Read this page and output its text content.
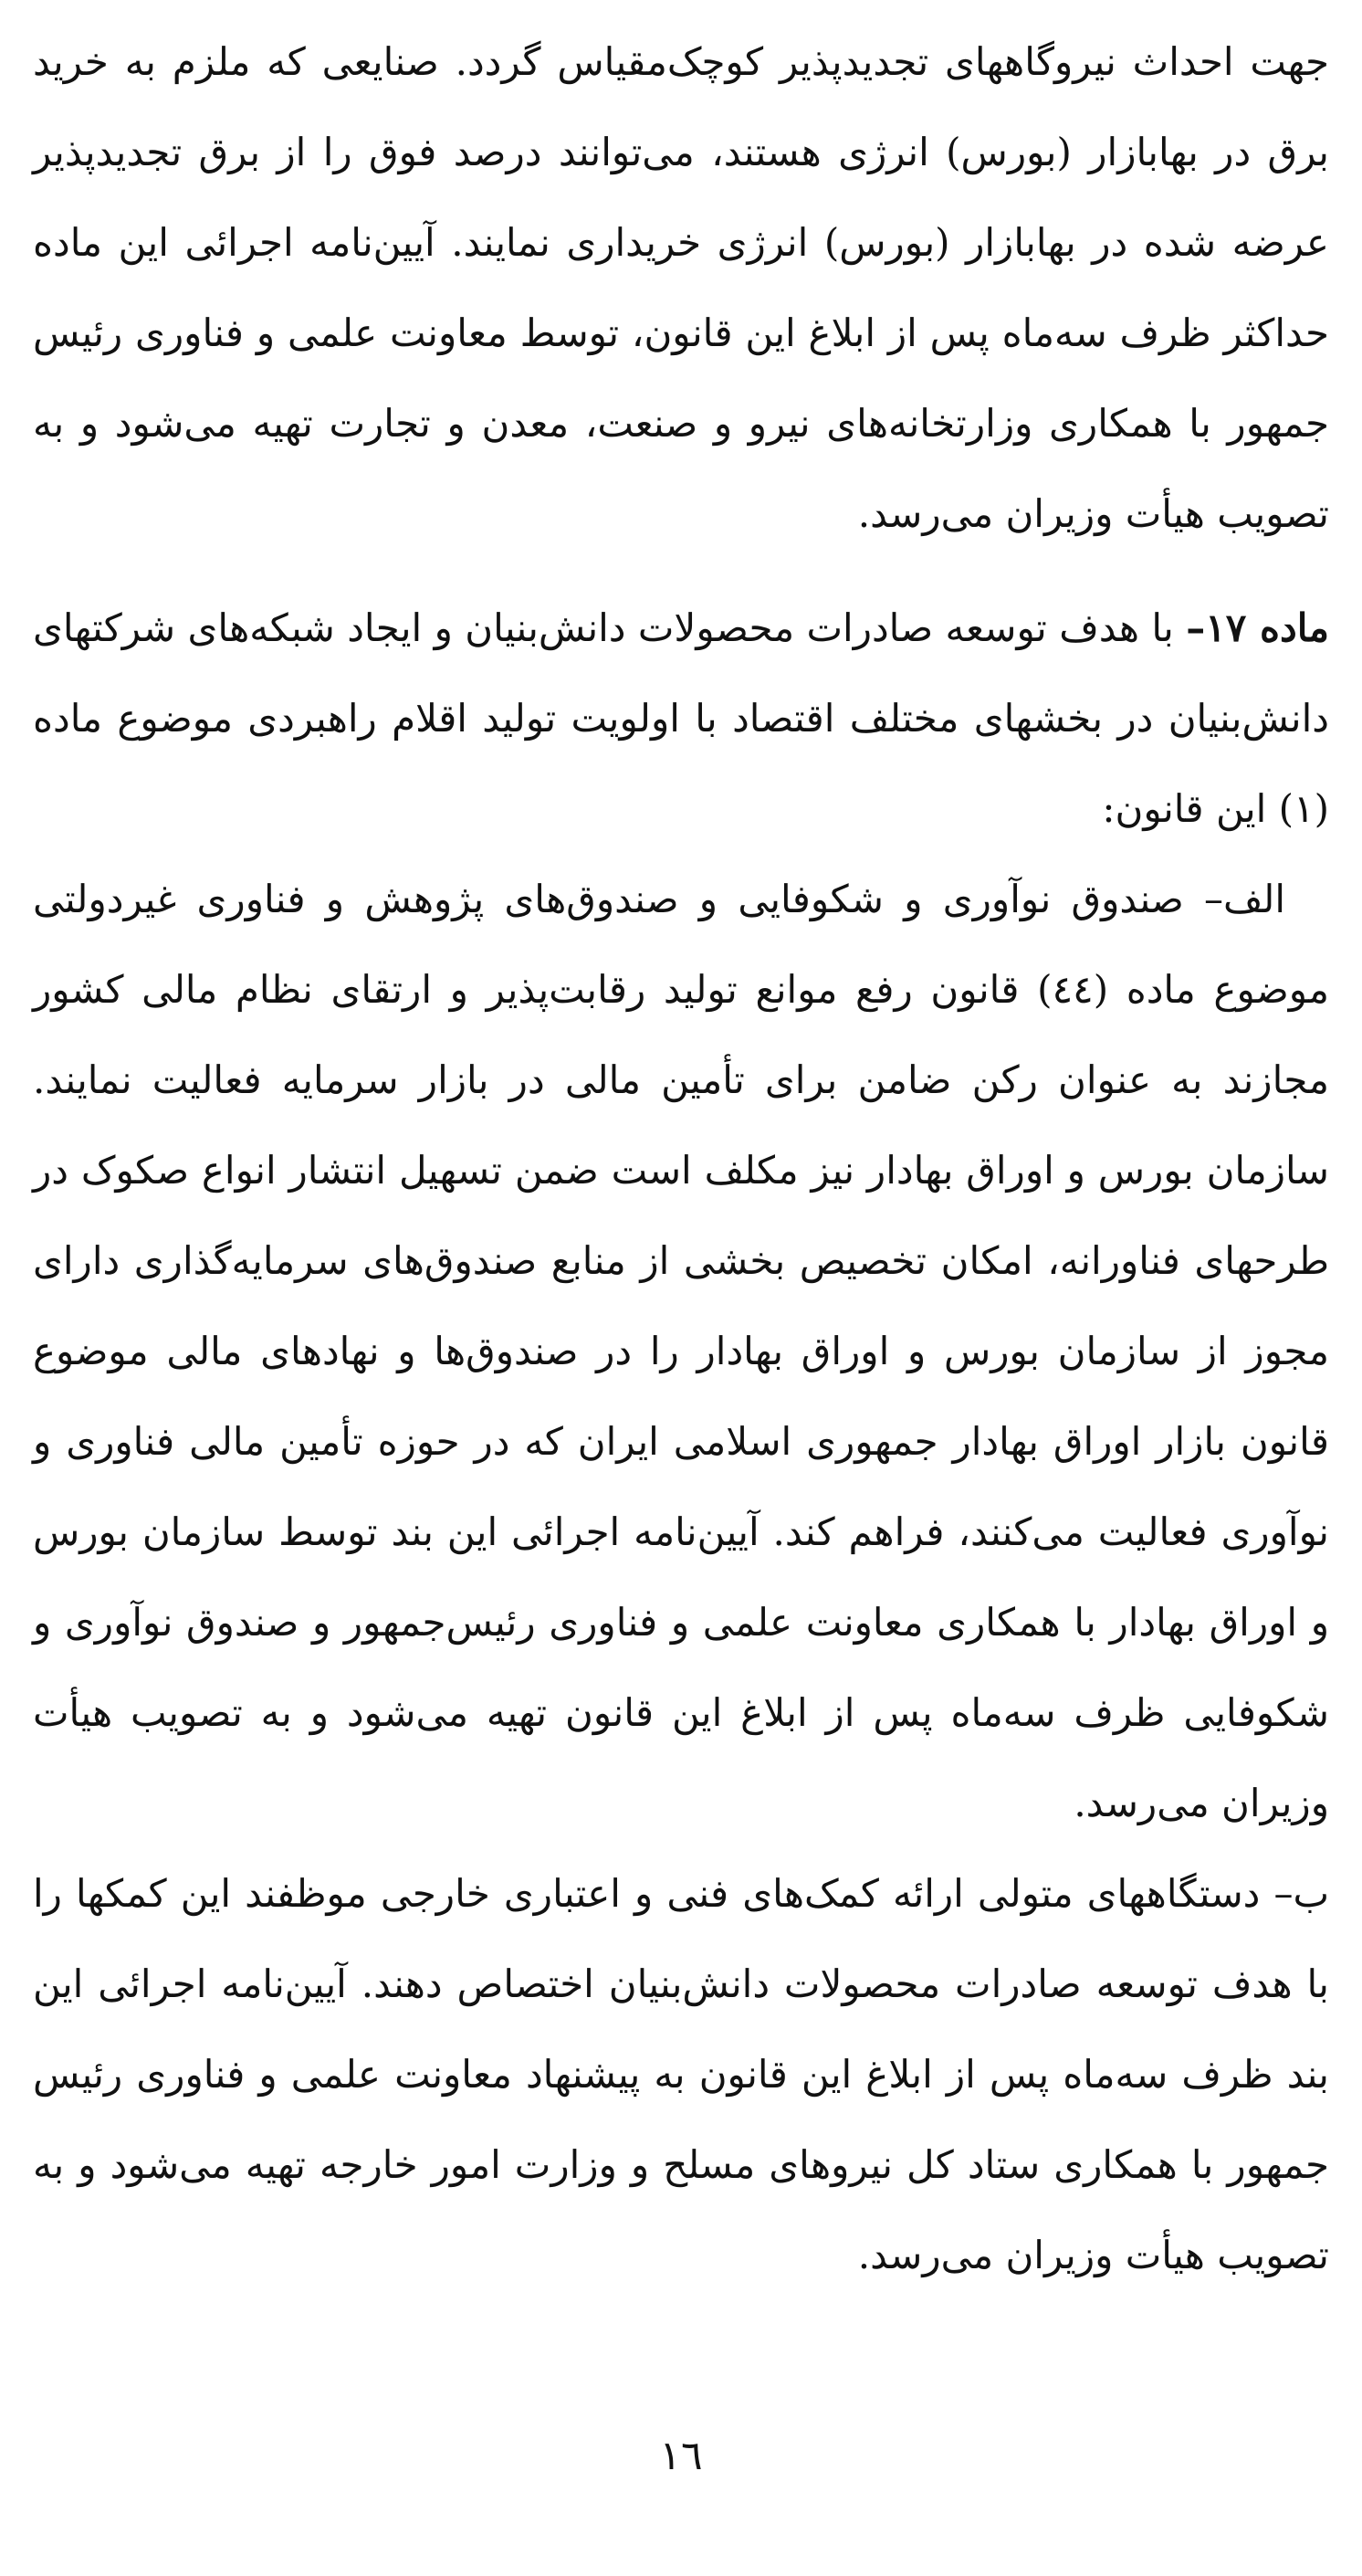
جهت احداث نیروگاههای تجدیدپذیر کوچک‌مقیاس گردد. صنایعی که ملزم به خرید برق در بهابازار (بورس) انرژی هستند، می‌توانند درصد فوق را از برق تجدیدپذیر عرضه شده در بهابازار (بورس) انرژی خریداری نمایند. آیین‌نامه اجرائی این ماده حداکثر ظرف سه‌ماه پس از ابلاغ این قانون، توسط معاونت علمی و فناوری رئیس جمهور با همکاری وزارتخانه‌های نیرو و صنعت، معدن و تجارت تهیه می‌شود و به تصویب هیأت وزیران می‌رسد.

ماده ۱۷– با هدف توسعه صادرات محصولات دانش‌بنیان و ایجاد شبکه‌های شرکتهای دانش‌بنیان در بخشهای مختلف اقتصاد با اولویت تولید اقلام راهبردی موضوع ماده (۱) این قانون:

الف– صندوق نوآوری و شکوفایی و صندوق‌های پژوهش و فناوری غیردولتی موضوع ماده (٤٤) قانون رفع موانع تولید رقابت‌پذیر و ارتقای نظام مالی کشور مجازند به عنوان رکن ضامن برای تأمین مالی در بازار سرمایه فعالیت نمایند. سازمان بورس و اوراق بهادار نیز مکلف است ضمن تسهیل انتشار انواع صکوک در طرحهای فناورانه، امکان تخصیص بخشی از منابع صندوق‌های سرمایه‌گذاری دارای مجوز از سازمان بورس و اوراق بهادار را در صندوق‌ها و نهادهای مالی موضوع قانون بازار اوراق بهادار جمهوری اسلامی ایران که در حوزه تأمین مالی فناوری و نوآوری فعالیت می‌کنند، فراهم کند. آیین‌نامه اجرائی این بند توسط سازمان بورس و اوراق بهادار با همکاری معاونت علمی و فناوری رئیس‌جمهور و صندوق نوآوری و شکوفایی ظرف سه‌ماه پس از ابلاغ این قانون تهیه می‌شود و به تصویب هیأت وزیران می‌رسد.

ب– دستگاههای متولی ارائه کمک‌های فنی و اعتباری خارجی موظفند این کمکها را با هدف توسعه صادرات محصولات دانش‌بنیان اختصاص دهند. آیین‌نامه اجرائی این بند ظرف سه‌ماه پس از ابلاغ این قانون به پیشنهاد معاونت علمی و فناوری رئیس جمهور با همکاری ستاد کل نیروهای مسلح و وزارت امور خارجه تهیه می‌شود و به تصویب هیأت وزیران می‌رسد.

١٦
